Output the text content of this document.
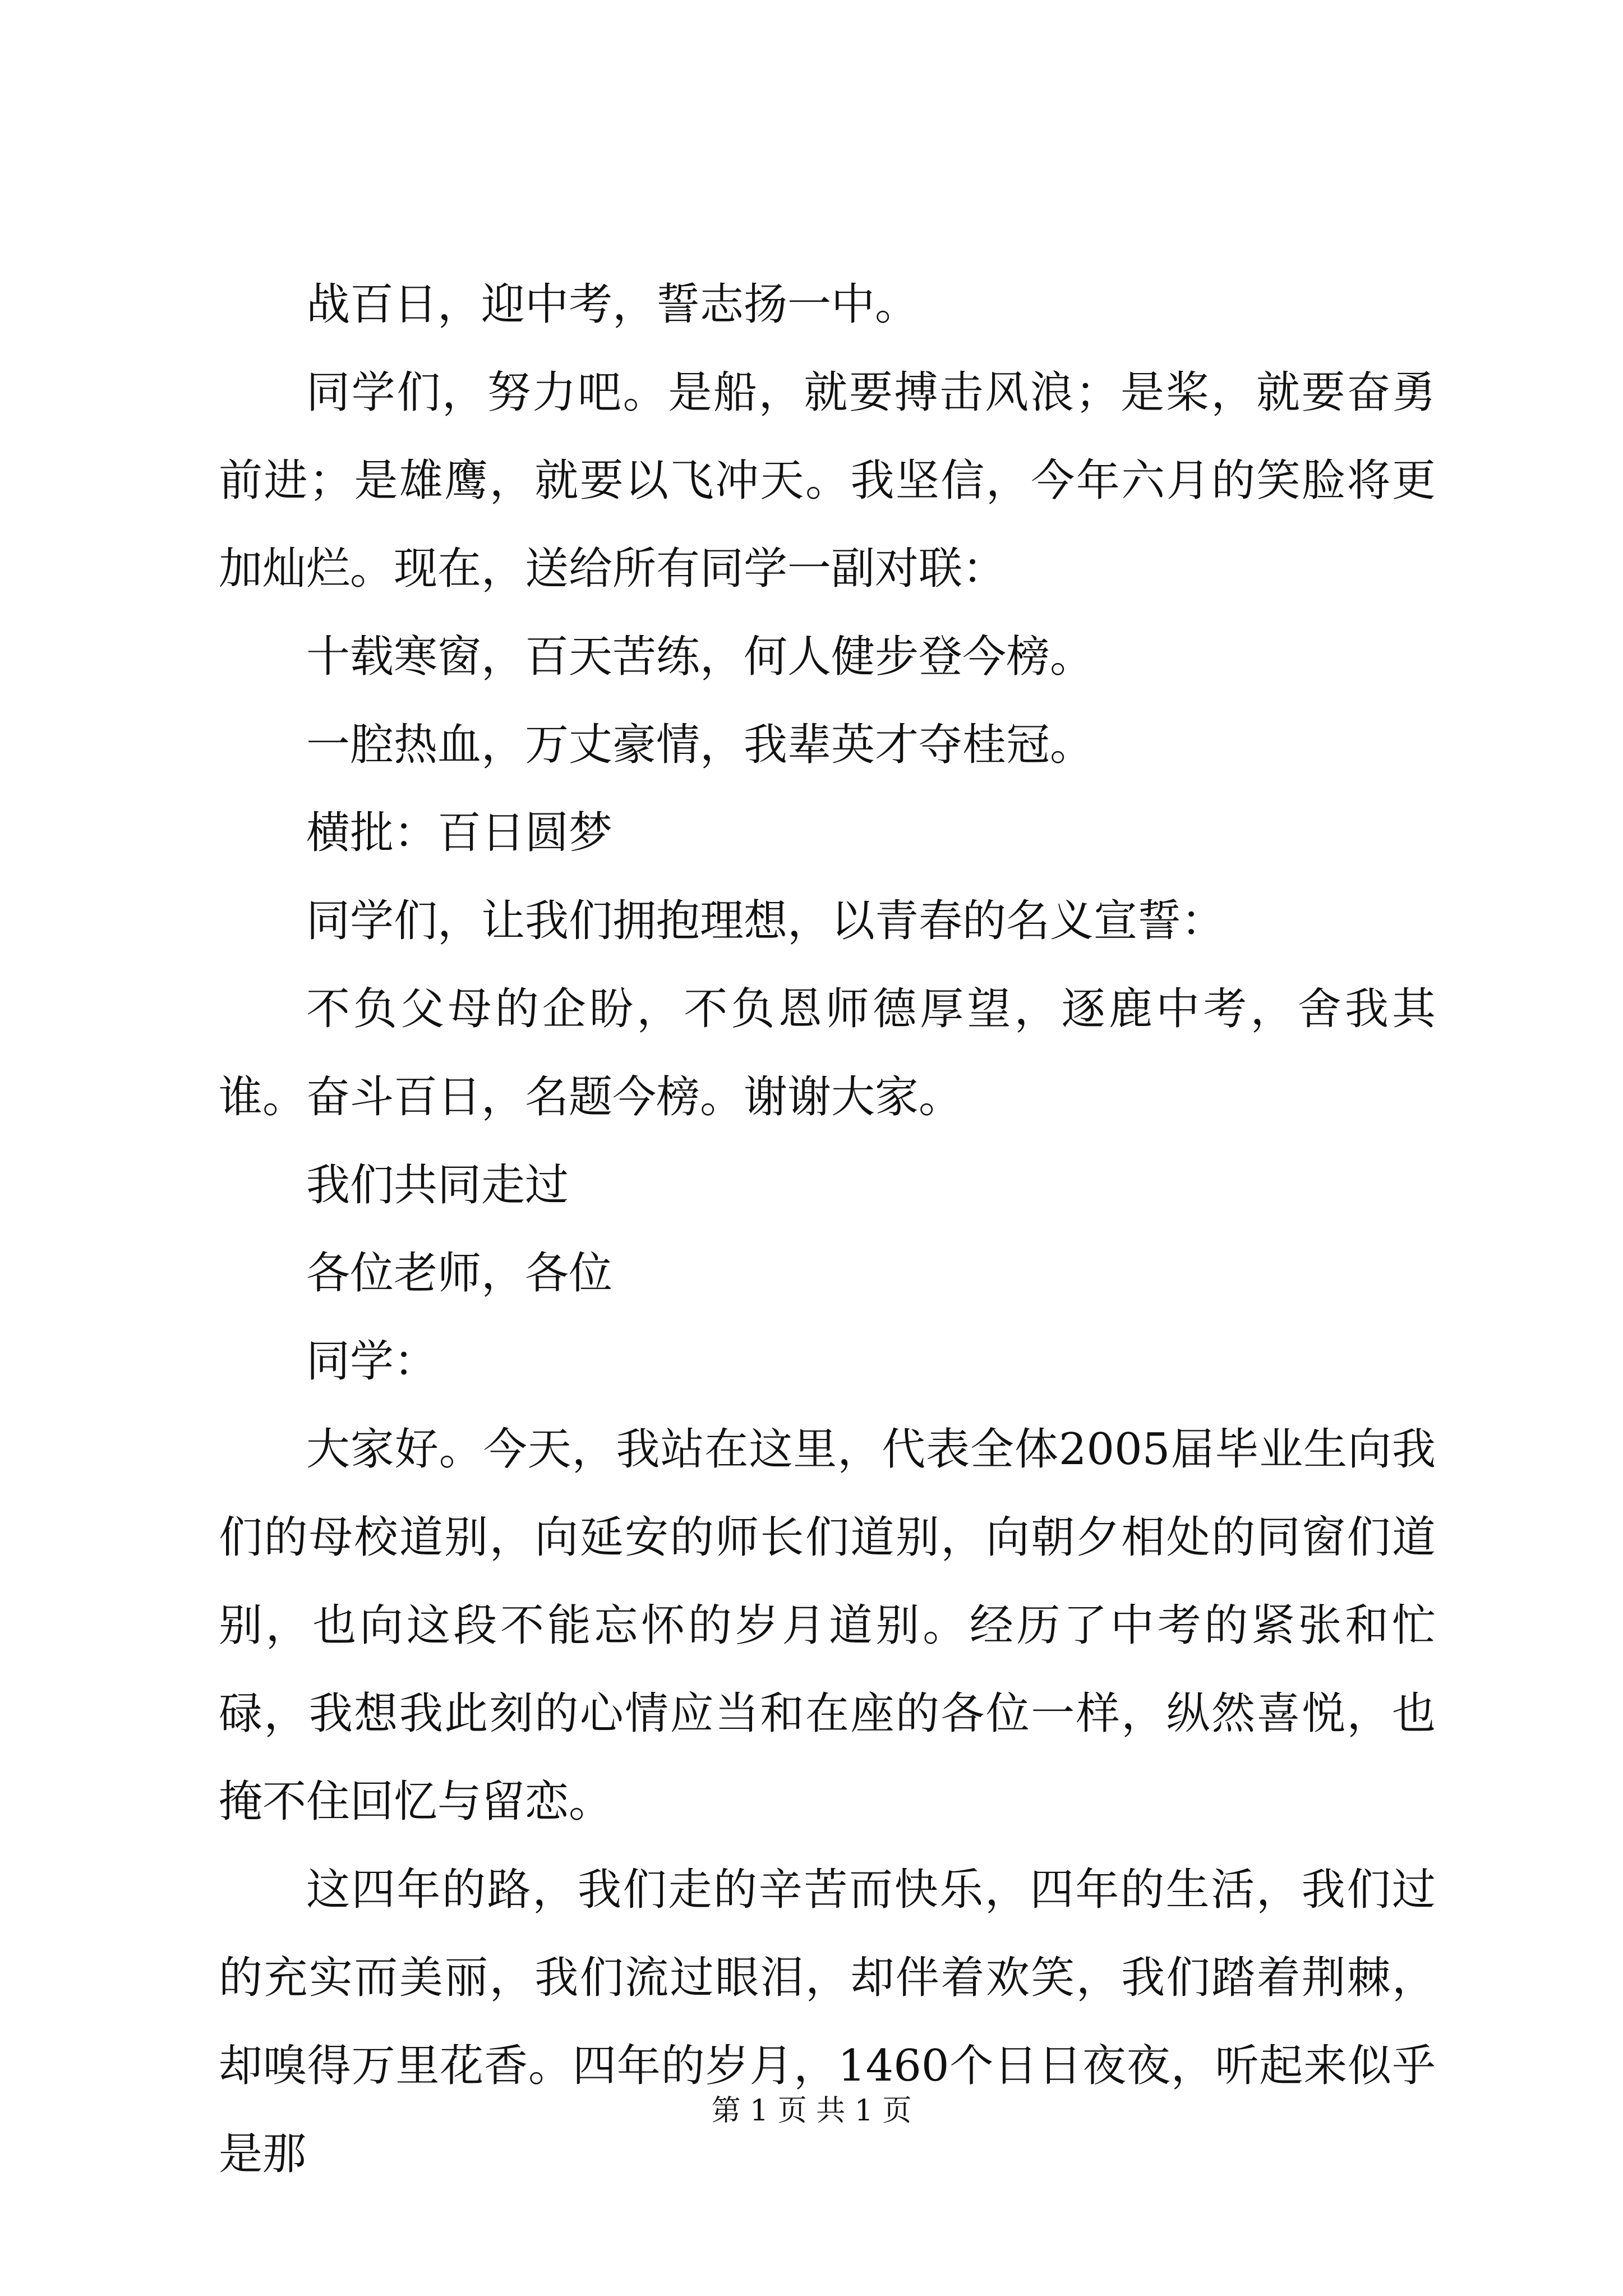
战百日，迎中考，誓志扬一中。

同学们，努力吧。是船，就要搏击风浪；是桨，就要奋勇前进；是雄鹰，就要以飞冲天。我坚信，今年六月的笑脸将更加灿烂。现在，送给所有同学一副对联：

十载寒窗，百天苦练，何人健步登今榜。

一腔热血，万丈豪情，我辈英才夺桂冠。

横批：百日圆梦

同学们，让我们拥抱理想，以青春的名义宣誓：

不负父母的企盼，不负恩师德厚望，逐鹿中考，舍我其谁。奋斗百日，名题今榜。谢谢大家。

我们共同走过

各位老师，各位

同学：

大家好。今天，我站在这里，代表全体2005届毕业生向我们的母校道别，向延安的师长们道别，向朝夕相处的同窗们道别，也向这段不能忘怀的岁月道别。经历了中考的紧张和忙碌，我想我此刻的心情应当和在座的各位一样，纵然喜悦，也掩不住回忆与留恋。

这四年的路，我们走的辛苦而快乐，四年的生活，我们过的充实而美丽，我们流过眼泪，却伴着欢笑，我们踏着荆棘，却嗅得万里花香。四年的岁月，1460个日日夜夜，听起来似乎是那

第 1 页 共 1 页
